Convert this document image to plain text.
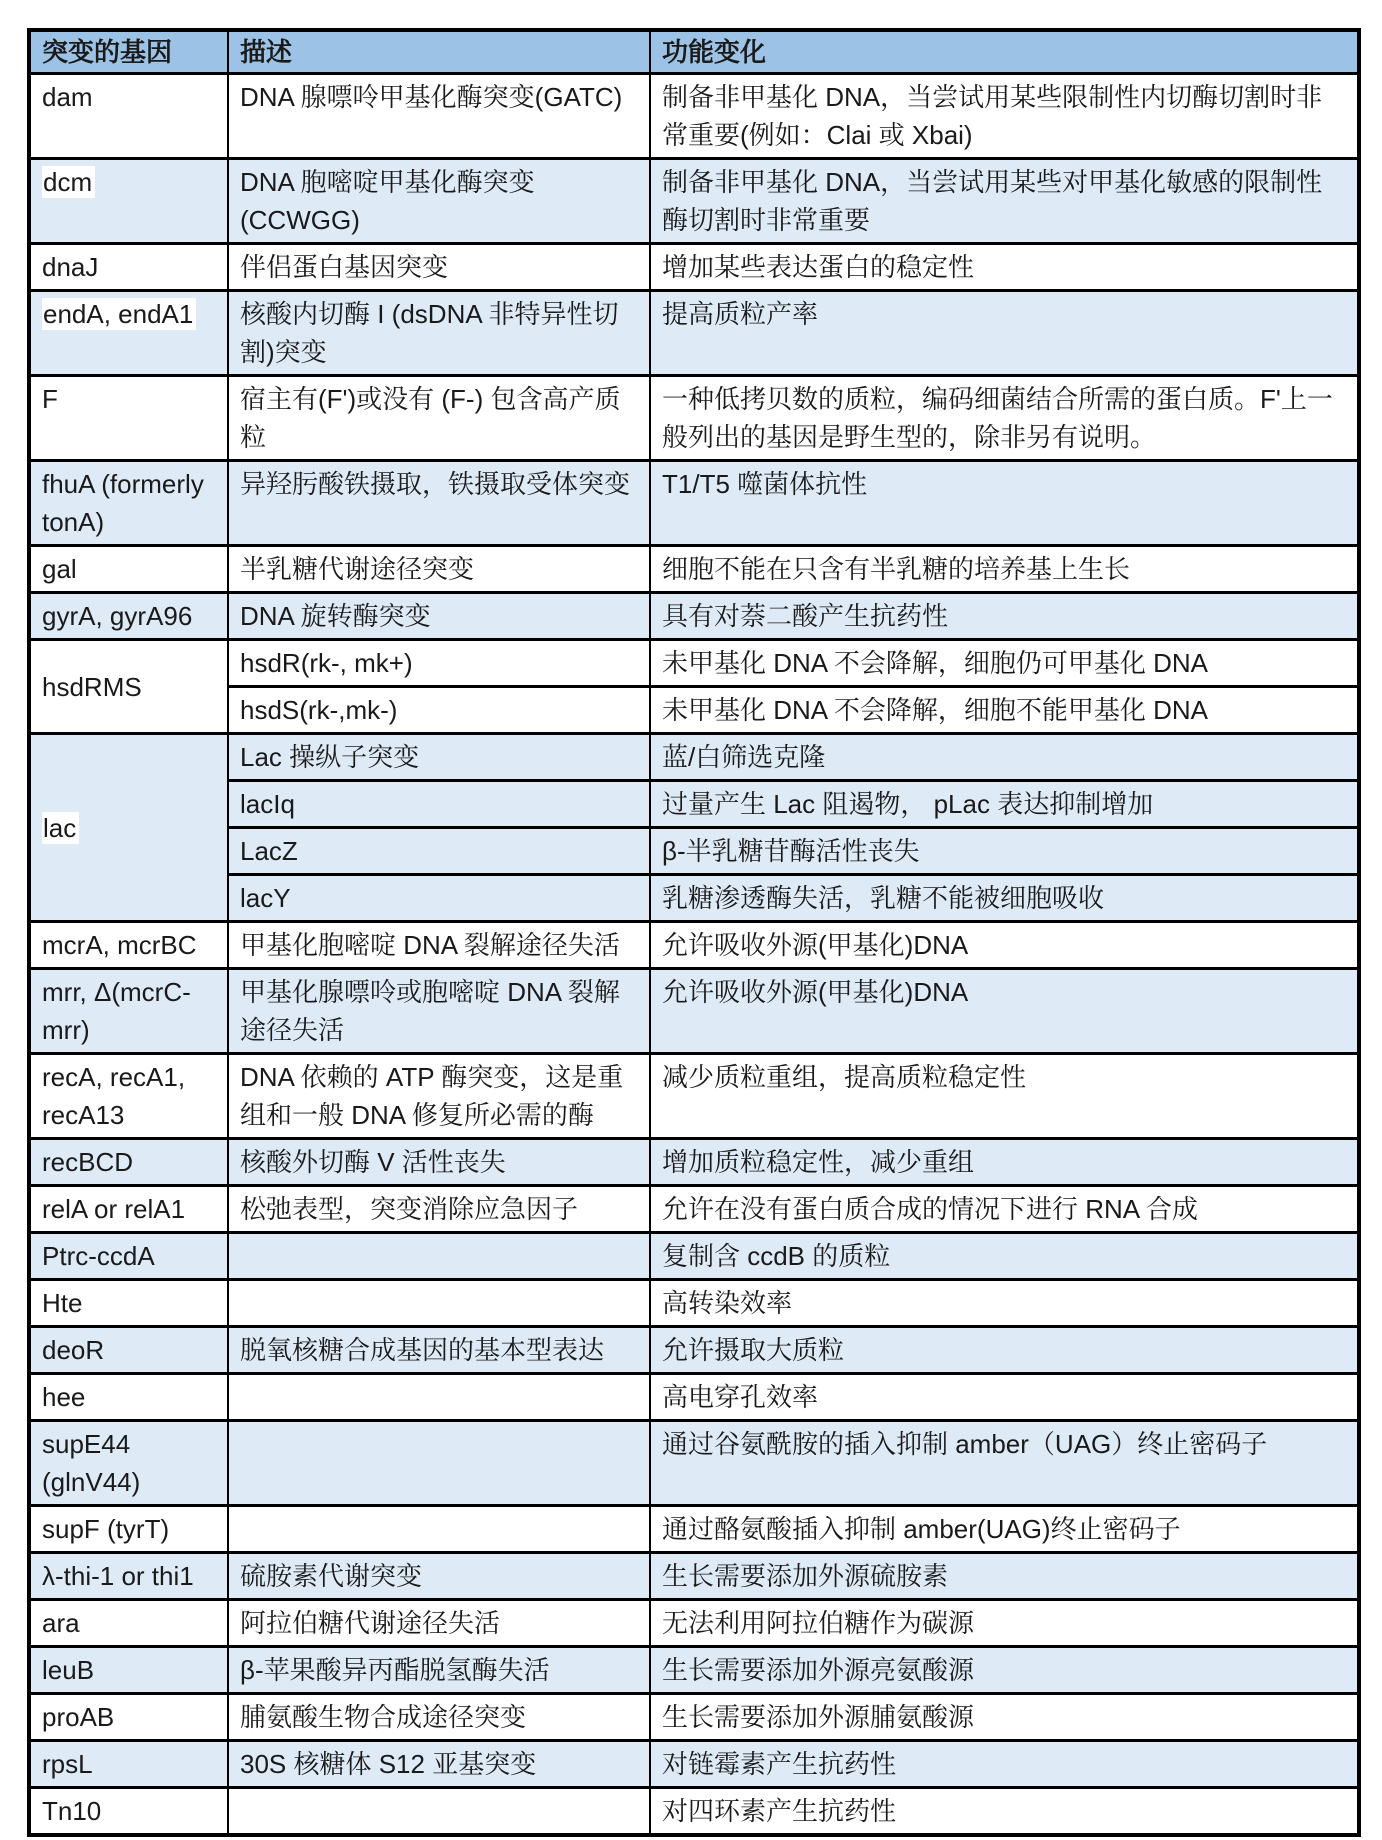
突变的基因	描述	功能变化
dam	DNA 腺嘌呤甲基化酶突变(GATC)	制备非甲基化 DNA，当尝试用某些限制性内切酶切割时非常重要(例如：Clai 或 Xbai)
dcm	DNA 胞嘧啶甲基化酶突变 (CCWGG)	制备非甲基化 DNA，当尝试用某些对甲基化敏感的限制性酶切割时非常重要
dnaJ	伴侣蛋白基因突变	增加某些表达蛋白的稳定性
endA, endA1	核酸内切酶 I (dsDNA 非特异性切割)突变	提高质粒产率
F	宿主有(F')或没有 (F-) 包含高产质粒	一种低拷贝数的质粒，编码细菌结合所需的蛋白质。F'上一般列出的基因是野生型的，除非另有说明。
fhuA (formerly tonA)	异羟肟酸铁摄取，铁摄取受体突变	T1/T5 噬菌体抗性
gal	半乳糖代谢途径突变	细胞不能在只含有半乳糖的培养基上生长
gyrA, gyrA96	DNA 旋转酶突变	具有对萘二酸产生抗药性
hsdRMS	hsdR(rk-, mk+)	未甲基化 DNA 不会降解，细胞仍可甲基化 DNA
	hsdS(rk-,mk-)	未甲基化 DNA 不会降解，细胞不能甲基化 DNA
lac	Lac 操纵子突变	蓝/白筛选克隆
	lacIq	过量产生 Lac 阻遏物， pLac 表达抑制增加
	LacZ	β-半乳糖苷酶活性丧失
	lacY	乳糖渗透酶失活，乳糖不能被细胞吸收
mcrA, mcrBC	甲基化胞嘧啶 DNA 裂解途径失活	允许吸收外源(甲基化)DNA
mrr, Δ(mcrC-mrr)	甲基化腺嘌呤或胞嘧啶 DNA 裂解途径失活	允许吸收外源(甲基化)DNA
recA, recA1, recA13	DNA 依赖的 ATP 酶突变，这是重组和一般 DNA 修复所必需的酶	减少质粒重组，提高质粒稳定性
recBCD	核酸外切酶 V 活性丧失	增加质粒稳定性，减少重组
relA or relA1	松弛表型，突变消除应急因子	允许在没有蛋白质合成的情况下进行 RNA 合成
Ptrc-ccdA		复制含 ccdB 的质粒
Hte		高转染效率
deoR	脱氧核糖合成基因的基本型表达	允许摄取大质粒
hee		高电穿孔效率
supE44 (glnV44)		通过谷氨酰胺的插入抑制 amber（UAG）终止密码子
supF (tyrT)		通过酪氨酸插入抑制 amber(UAG)终止密码子
λ-thi-1 or thi1	硫胺素代谢突变	生长需要添加外源硫胺素
ara	阿拉伯糖代谢途径失活	无法利用阿拉伯糖作为碳源
leuB	β-苹果酸异丙酯脱氢酶失活	生长需要添加外源亮氨酸源
proAB	脯氨酸生物合成途径突变	生长需要添加外源脯氨酸源
rpsL	30S 核糖体 S12 亚基突变	对链霉素产生抗药性
Tn10		对四环素产生抗药性
